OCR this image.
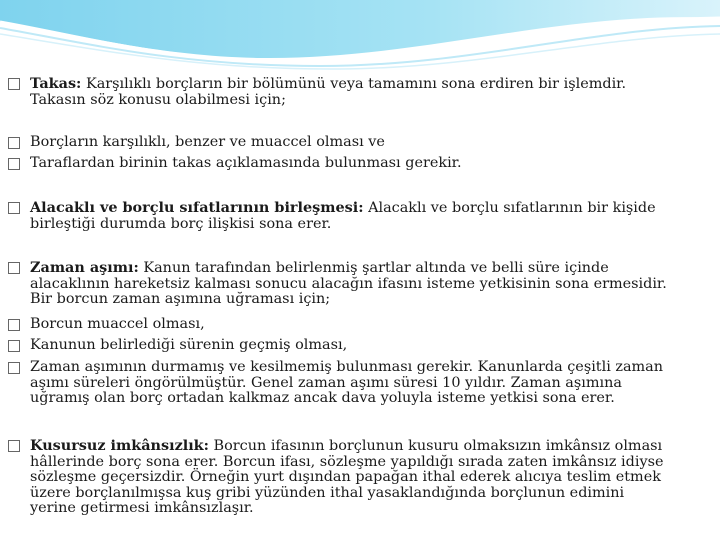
Takas: Karşılıklı borçların bir bölümünü veya tamamını sona erdiren bir işlemdir.
Takasın söz konusu olabilmesi için;
Borçların karşılıklı, benzer ve muaccel olması ve
Taraflardan birinin takas açıklamasında bulunması gerekir.
Alacaklı ve borçlu sıfatlarının birleşmesi: Alacaklı ve borçlu sıfatlarının bir kişide
birleştiği durumda borç ilişkisi sona erer.
Zaman aşımı: Kanun tarafından belirlenmiş şartlar altında ve belli süre içinde
alacaklının hareketsiz kalması sonucu alacağın ifasını isteme yetkisinin sona ermesidir.
Bir borcun zaman aşımına uğraması için;
Borcun muaccel olması,
Kanunun belirlediği sürenin geçmiş olması,
Zaman aşımının durmamış ve kesilmemiş bulunması gerekir. Kanunlarda çeşitli zaman
aşımı süreleri öngörülmüştür. Genel zaman aşımı süresi 10 yıldır. Zaman aşımına
uğramış olan borç ortadan kalkmaz ancak dava yoluyla isteme yetkisi sona erer.
Kusursuz imkânsızlık: Borcun ifasının borçlunun kusuru olmaksızın imkânsız olması
hâllerinde borç sona erer. Borcun ifası, sözleşme yapıldığı sırada zaten imkânsız idiyse
sözleşme geçersizdir. Örneğin yurt dışından papağan ithal ederek alıcıya teslim etmek
üzere borçlanılmışsa kuş gribi yüzünden ithal yasaklandığında borçlunun edimini
yerine getirmesi imkânsızlaşır.
